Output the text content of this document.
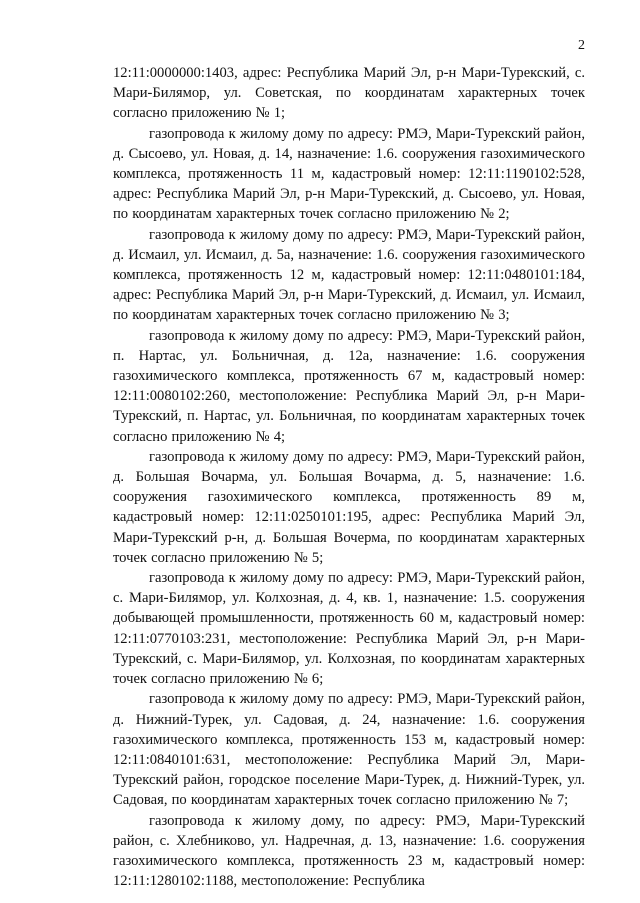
2

12:11:0000000:1403, адрес: Республика Марий Эл, р-н Мари-Турекский, с. Мари-Билямор, ул. Советская, по координатам характерных точек согласно приложению № 1;

газопровода к жилому дому по адресу: РМЭ, Мари-Турекский район, д. Сысоево, ул. Новая, д. 14, назначение: 1.6. сооружения газохимического комплекса, протяженность 11 м, кадастровый номер: 12:11:1190102:528, адрес: Республика Марий Эл, р-н Мари-Турекский, д. Сысоево, ул. Новая, по координатам характерных точек согласно приложению № 2;

газопровода к жилому дому по адресу: РМЭ, Мари-Турекский район, д. Исмаил, ул. Исмаил, д. 5а, назначение: 1.6. сооружения газохимического комплекса, протяженность 12 м, кадастровый номер: 12:11:0480101:184, адрес: Республика Марий Эл, р-н Мари-Турекский, д. Исмаил, ул. Исмаил, по координатам характерных точек согласно приложению № 3;

газопровода к жилому дому по адресу: РМЭ, Мари-Турекский район, п. Нартас, ул. Больничная, д. 12а, назначение: 1.6. сооружения газохимического комплекса, протяженность 67 м, кадастровый номер: 12:11:0080102:260, местоположение: Республика Марий Эл, р-н Мари-Турекский, п. Нартас, ул. Больничная, по координатам характерных точек согласно приложению № 4;

газопровода к жилому дому по адресу: РМЭ, Мари-Турекский район, д. Большая Вочарма, ул. Большая Вочарма, д. 5, назначение: 1.6. сооружения газохимического комплекса, протяженность 89 м, кадастровый номер: 12:11:0250101:195, адрес: Республика Марий Эл, Мари-Турекский р-н, д. Большая Вочерма, по координатам характерных точек согласно приложению № 5;

газопровода к жилому дому по адресу: РМЭ, Мари-Турекский район, с. Мари-Билямор, ул. Колхозная, д. 4, кв. 1, назначение: 1.5. сооружения добывающей промышленности, протяженность 60 м, кадастровый номер: 12:11:0770103:231, местоположение: Республика Марий Эл, р-н Мари-Турекский, с. Мари-Билямор, ул. Колхозная, по координатам характерных точек согласно приложению № 6;

газопровода к жилому дому по адресу: РМЭ, Мари-Турекский район, д. Нижний-Турек, ул. Садовая, д. 24, назначение: 1.6. сооружения газохимического комплекса, протяженность 153 м, кадастровый номер: 12:11:0840101:631, местоположение: Республика Марий Эл, Мари-Турекский район, городское поселение Мари-Турек, д. Нижний-Турек, ул. Садовая, по координатам характерных точек согласно приложению № 7;

газопровода к жилому дому, по адресу: РМЭ, Мари-Турекский район, с. Хлебниково, ул. Надречная, д. 13, назначение: 1.6. сооружения газохимического комплекса, протяженность 23 м, кадастровый номер: 12:11:1280102:1188, местоположение: Республика
